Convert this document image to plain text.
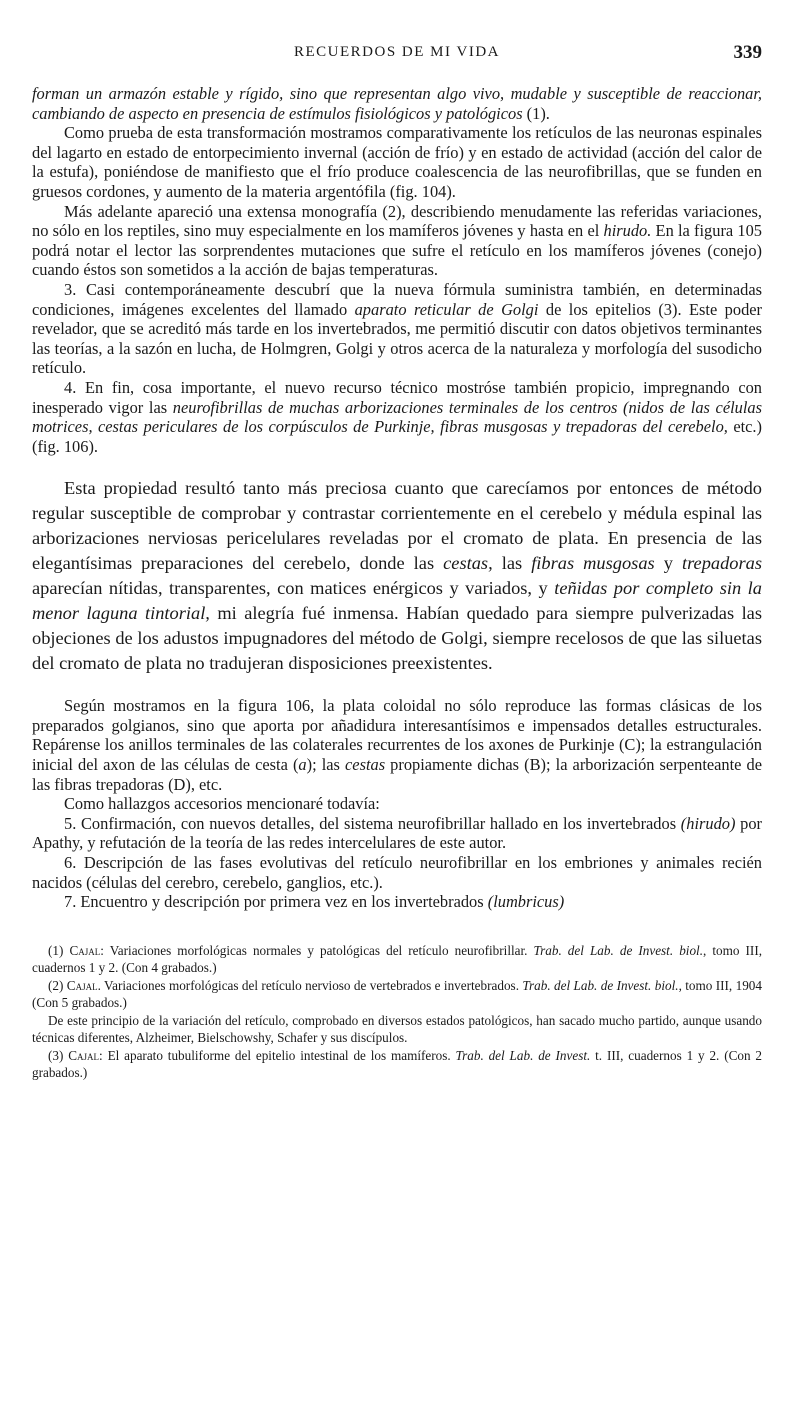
RECUERDOS DE MI VIDA	339

forman un armazón estable y rígido, sino que representan algo vivo, mudable y susceptible de reaccionar, cambiando de aspecto en presencia de estímulos fisiológicos y patológicos (1).

Como prueba de esta transformación mostramos comparativamente los retículos de las neuronas espinales del lagarto en estado de entorpecimiento invernal (acción de frío) y en estado de actividad (acción del calor de la estufa), poniéndose de manifiesto que el frío produce coalescencia de las neurofibrillas, que se funden en gruesos cordones, y aumento de la materia argentófila (fig. 104).

Más adelante apareció una extensa monografía (2), describiendo menudamente las referidas variaciones, no sólo en los reptiles, sino muy especialmente en los mamíferos jóvenes y hasta en el hirudo. En la figura 105 podrá notar el lector las sorprendentes mutaciones que sufre el retículo en los mamíferos jóvenes (conejo) cuando éstos son sometidos a la acción de bajas temperaturas.

3. Casi contemporáneamente descubrí que la nueva fórmula suministra también, en determinadas condiciones, imágenes excelentes del llamado aparato reticular de Golgi de los epitelios (3). Este poder revelador, que se acreditó más tarde en los invertebrados, me permitió discutir con datos objetivos terminantes las teorías, a la sazón en lucha, de Holmgren, Golgi y otros acerca de la naturaleza y morfología del susodicho retículo.

4. En fin, cosa importante, el nuevo recurso técnico mostróse también propicio, impregnando con inesperado vigor las neurofibrillas de muchas arborizaciones terminales de los centros (nidos de las células motrices, cestas periculares de los corpúsculos de Purkinje, fibras musgosas y trepadoras del cerebelo, etc.) (fig. 106).

Esta propiedad resultó tanto más preciosa cuanto que carecíamos por entonces de método regular susceptible de comprobar y contrastar corrientemente en el cerebelo y médula espinal las arborizaciones nerviosas pericelulares reveladas por el cromato de plata. En presencia de las elegantísimas preparaciones del cerebelo, donde las cestas, las fibras musgosas y trepadoras aparecían nítidas, transparentes, con matices enérgicos y variados, y teñidas por completo sin la menor laguna tintorial, mi alegría fué inmensa. Habían quedado para siempre pulverizadas las objeciones de los adustos impugnadores del método de Golgi, siempre recelosos de que las siluetas del cromato de plata no tradujeran disposiciones preexistentes.

Según mostramos en la figura 106, la plata coloidal no sólo reproduce las formas clásicas de los preparados golgianos, sino que aporta por añadidura interesantísimos e impensados detalles estructurales. Repárense los anillos terminales de las colaterales recurrentes de los axones de Purkinje (C); la estrangulación inicial del axon de las células de cesta (a); las cestas propiamente dichas (B); la arborización serpenteante de las fibras trepadoras (D), etc.

Como hallazgos accesorios mencionaré todavía:

5. Confirmación, con nuevos detalles, del sistema neurofibrillar hallado en los invertebrados (hirudo) por Apathy, y refutación de la teoría de las redes intercelulares de este autor.

6. Descripción de las fases evolutivas del retículo neurofibrillar en los embriones y animales recién nacidos (células del cerebro, cerebelo, ganglios, etc.).

7. Encuentro y descripción por primera vez en los invertebrados (lumbricus)

(1) Cajal: Variaciones morfológicas normales y patológicas del retículo neurofibrillar. Trab. del Lab. de Invest. biol., tomo III, cuadernos 1 y 2. (Con 4 grabados.)

(2) Cajal. Variaciones morfológicas del retículo nervioso de vertebrados e invertebrados. Trab. del Lab. de Invest. biol., tomo III, 1904 (Con 5 grabados.)

De este principio de la variación del retículo, comprobado en diversos estados patológicos, han sacado mucho partido, aunque usando técnicas diferentes, Alzheimer, Bielschowshy, Schafer y sus discípulos.

(3) Cajal: El aparato tubuliforme del epitelio intestinal de los mamíferos. Trab. del Lab. de Invest. t. III, cuadernos 1 y 2. (Con 2 grabados.)
